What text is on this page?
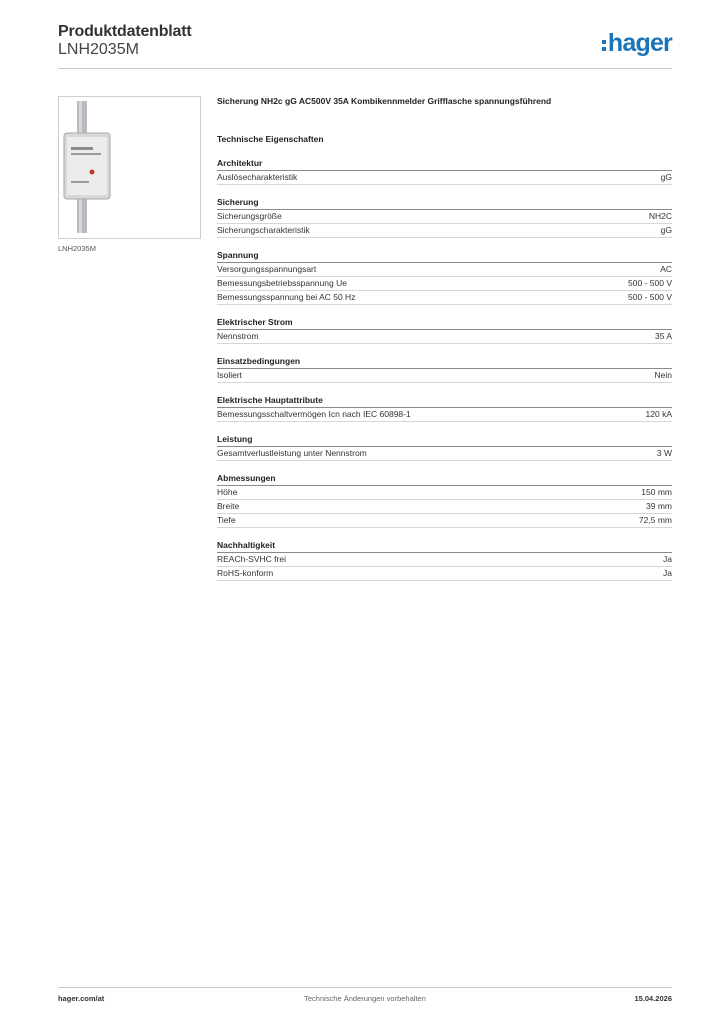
Produktdatenblatt
LNH2035M	hager
LNH2035M
Sicherung NH2c gG AC500V 35A Kombikennmelder Grifflasche spannungsführend
Technische Eigenschaften
Architektur
Auslösecharakteristik	gG
Sicherung
Sicherungsgröße	NH2C
Sicherungscharakteristik	gG
Spannung
Versorgungsspannungsart	AC
Bemessungsbetriebsspannung Ue	500 - 500 V
Bemessungsspannung bei AC 50 Hz	500 - 500 V
Elektrischer Strom
Nennstrom	35 A
Einsatzbedingungen
Isoliert	Nein
Elektrische Hauptattribute
Bemessungsschaltvermögen Icn nach IEC 60898-1	120 kA
Leistung
Gesamtverlustleistung unter Nennstrom	3 W
Abmessungen
Höhe	150 mm
Breite	39 mm
Tiefe	72,5 mm
Nachhaltigkeit
REACh-SVHC frei	Ja
RoHS-konform	Ja
hager.com/at	Technische Änderungen vorbehalten	15.04.2026
